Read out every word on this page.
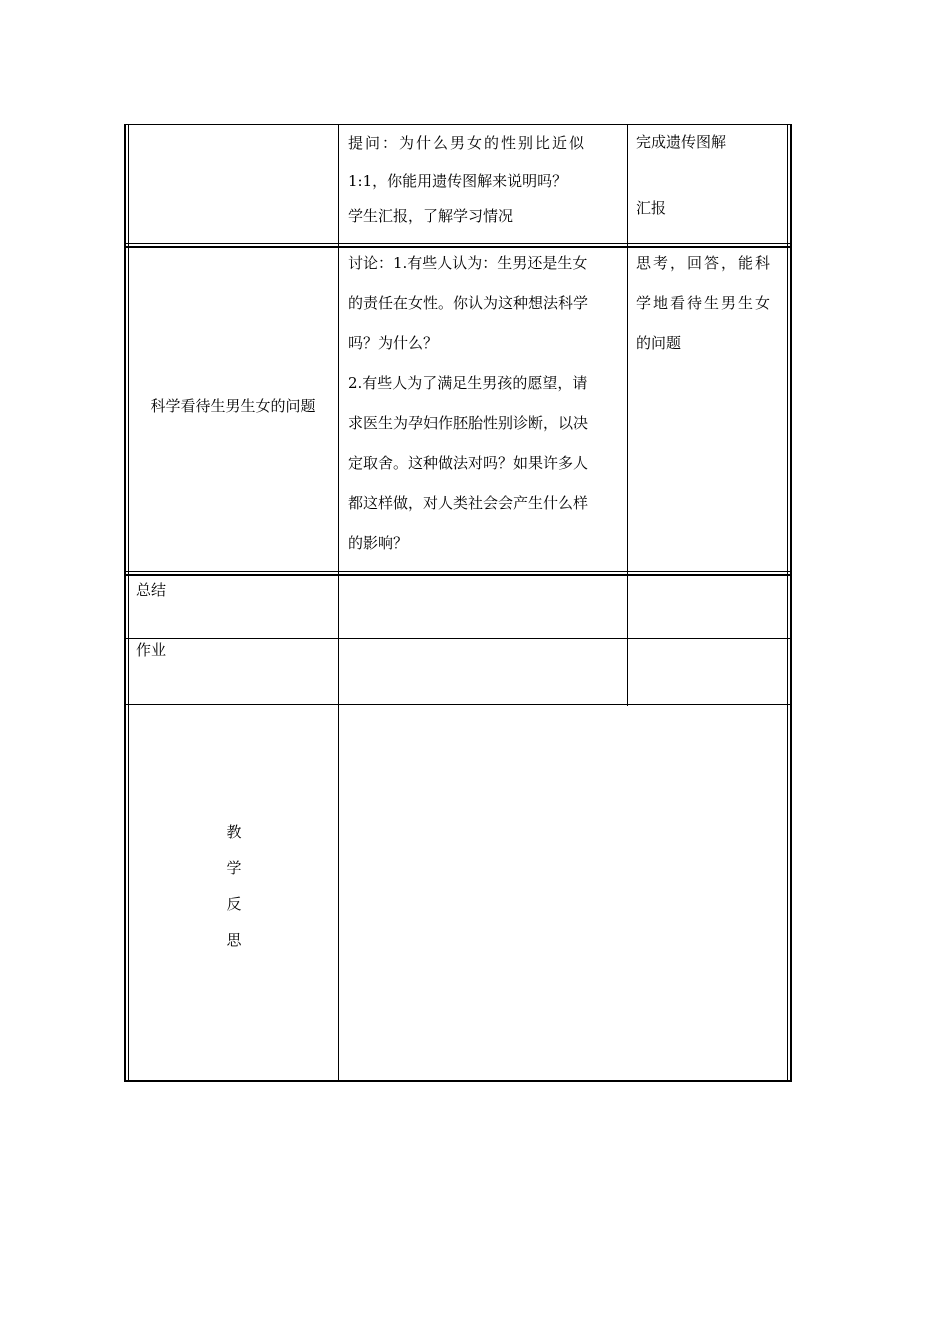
提问：为什么男女的性别比近似

1:1，你能用遗传图解来说明吗？

学生汇报，了解学习情况

完成遗传图解

汇报

科学看待生男生女的问题

讨论：1.有些人认为：生男还是生女

的责任在女性。你认为这种想法科学

吗？为什么？

2.有些人为了满足生男孩的愿望，请

求医生为孕妇作胚胎性别诊断，以决

定取舍。这种做法对吗？如果许多人

都这样做，对人类社会会产生什么样

的影响？

思考，回答，能科

学地看待生男生女

的问题

总结

作业

教
学
反
思
